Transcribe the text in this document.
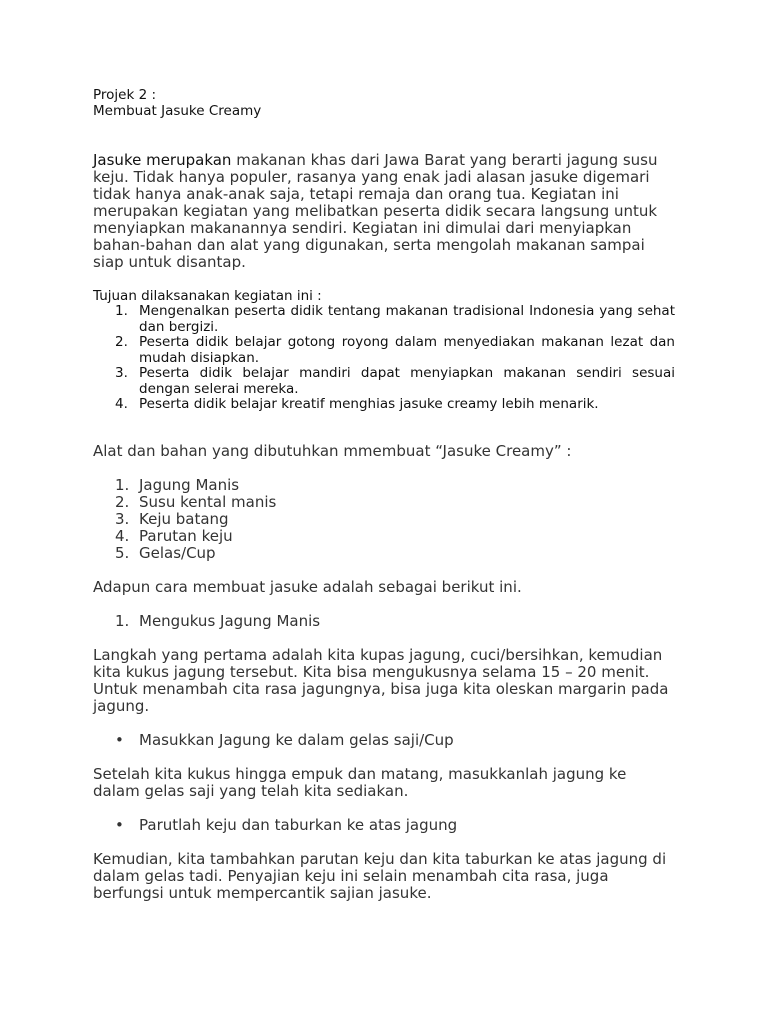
Projek 2 :

Membuat Jasuke Creamy

Jasuke merupakan makanan khas dari Jawa Barat yang berarti jagung susu keju. Tidak hanya populer, rasanya yang enak jadi alasan jasuke digemari tidak hanya anak-anak saja, tetapi remaja dan orang tua. Kegiatan ini merupakan kegiatan yang melibatkan peserta didik secara langsung untuk menyiapkan makanannya sendiri. Kegiatan ini dimulai dari menyiapkan bahan-bahan dan alat yang digunakan, serta mengolah makanan sampai siap untuk disantap.

Tujuan dilaksanakan kegiatan ini :

1. Mengenalkan peserta didik tentang makanan tradisional Indonesia yang sehat dan bergizi.
2. Peserta didik belajar gotong royong dalam menyediakan makanan lezat dan mudah disiapkan.
3. Peserta didik belajar mandiri dapat menyiapkan makanan sendiri sesuai dengan selerai mereka.
4. Peserta didik belajar kreatif menghias jasuke creamy lebih menarik.

Alat dan bahan yang dibutuhkan mmembuat “Jasuke Creamy” :

1. Jagung Manis
2. Susu kental manis
3. Keju batang
4. Parutan keju
5. Gelas/Cup

Adapun cara membuat jasuke adalah sebagai berikut ini.

1. Mengukus Jagung Manis

Langkah yang pertama adalah kita kupas jagung, cuci/bersihkan, kemudian kita kukus jagung tersebut. Kita bisa mengukusnya selama 15 – 20 menit. Untuk menambah cita rasa jagungnya, bisa juga kita oleskan margarin pada jagung.

• Masukkan Jagung ke dalam gelas saji/Cup

Setelah kita kukus hingga empuk dan matang, masukkanlah jagung ke dalam gelas saji yang telah kita sediakan.

• Parutlah keju dan taburkan ke atas jagung

Kemudian, kita tambahkan parutan keju dan kita taburkan ke atas jagung di dalam gelas tadi. Penyajian keju ini selain menambah cita rasa, juga berfungsi untuk mempercantik sajian jasuke.
